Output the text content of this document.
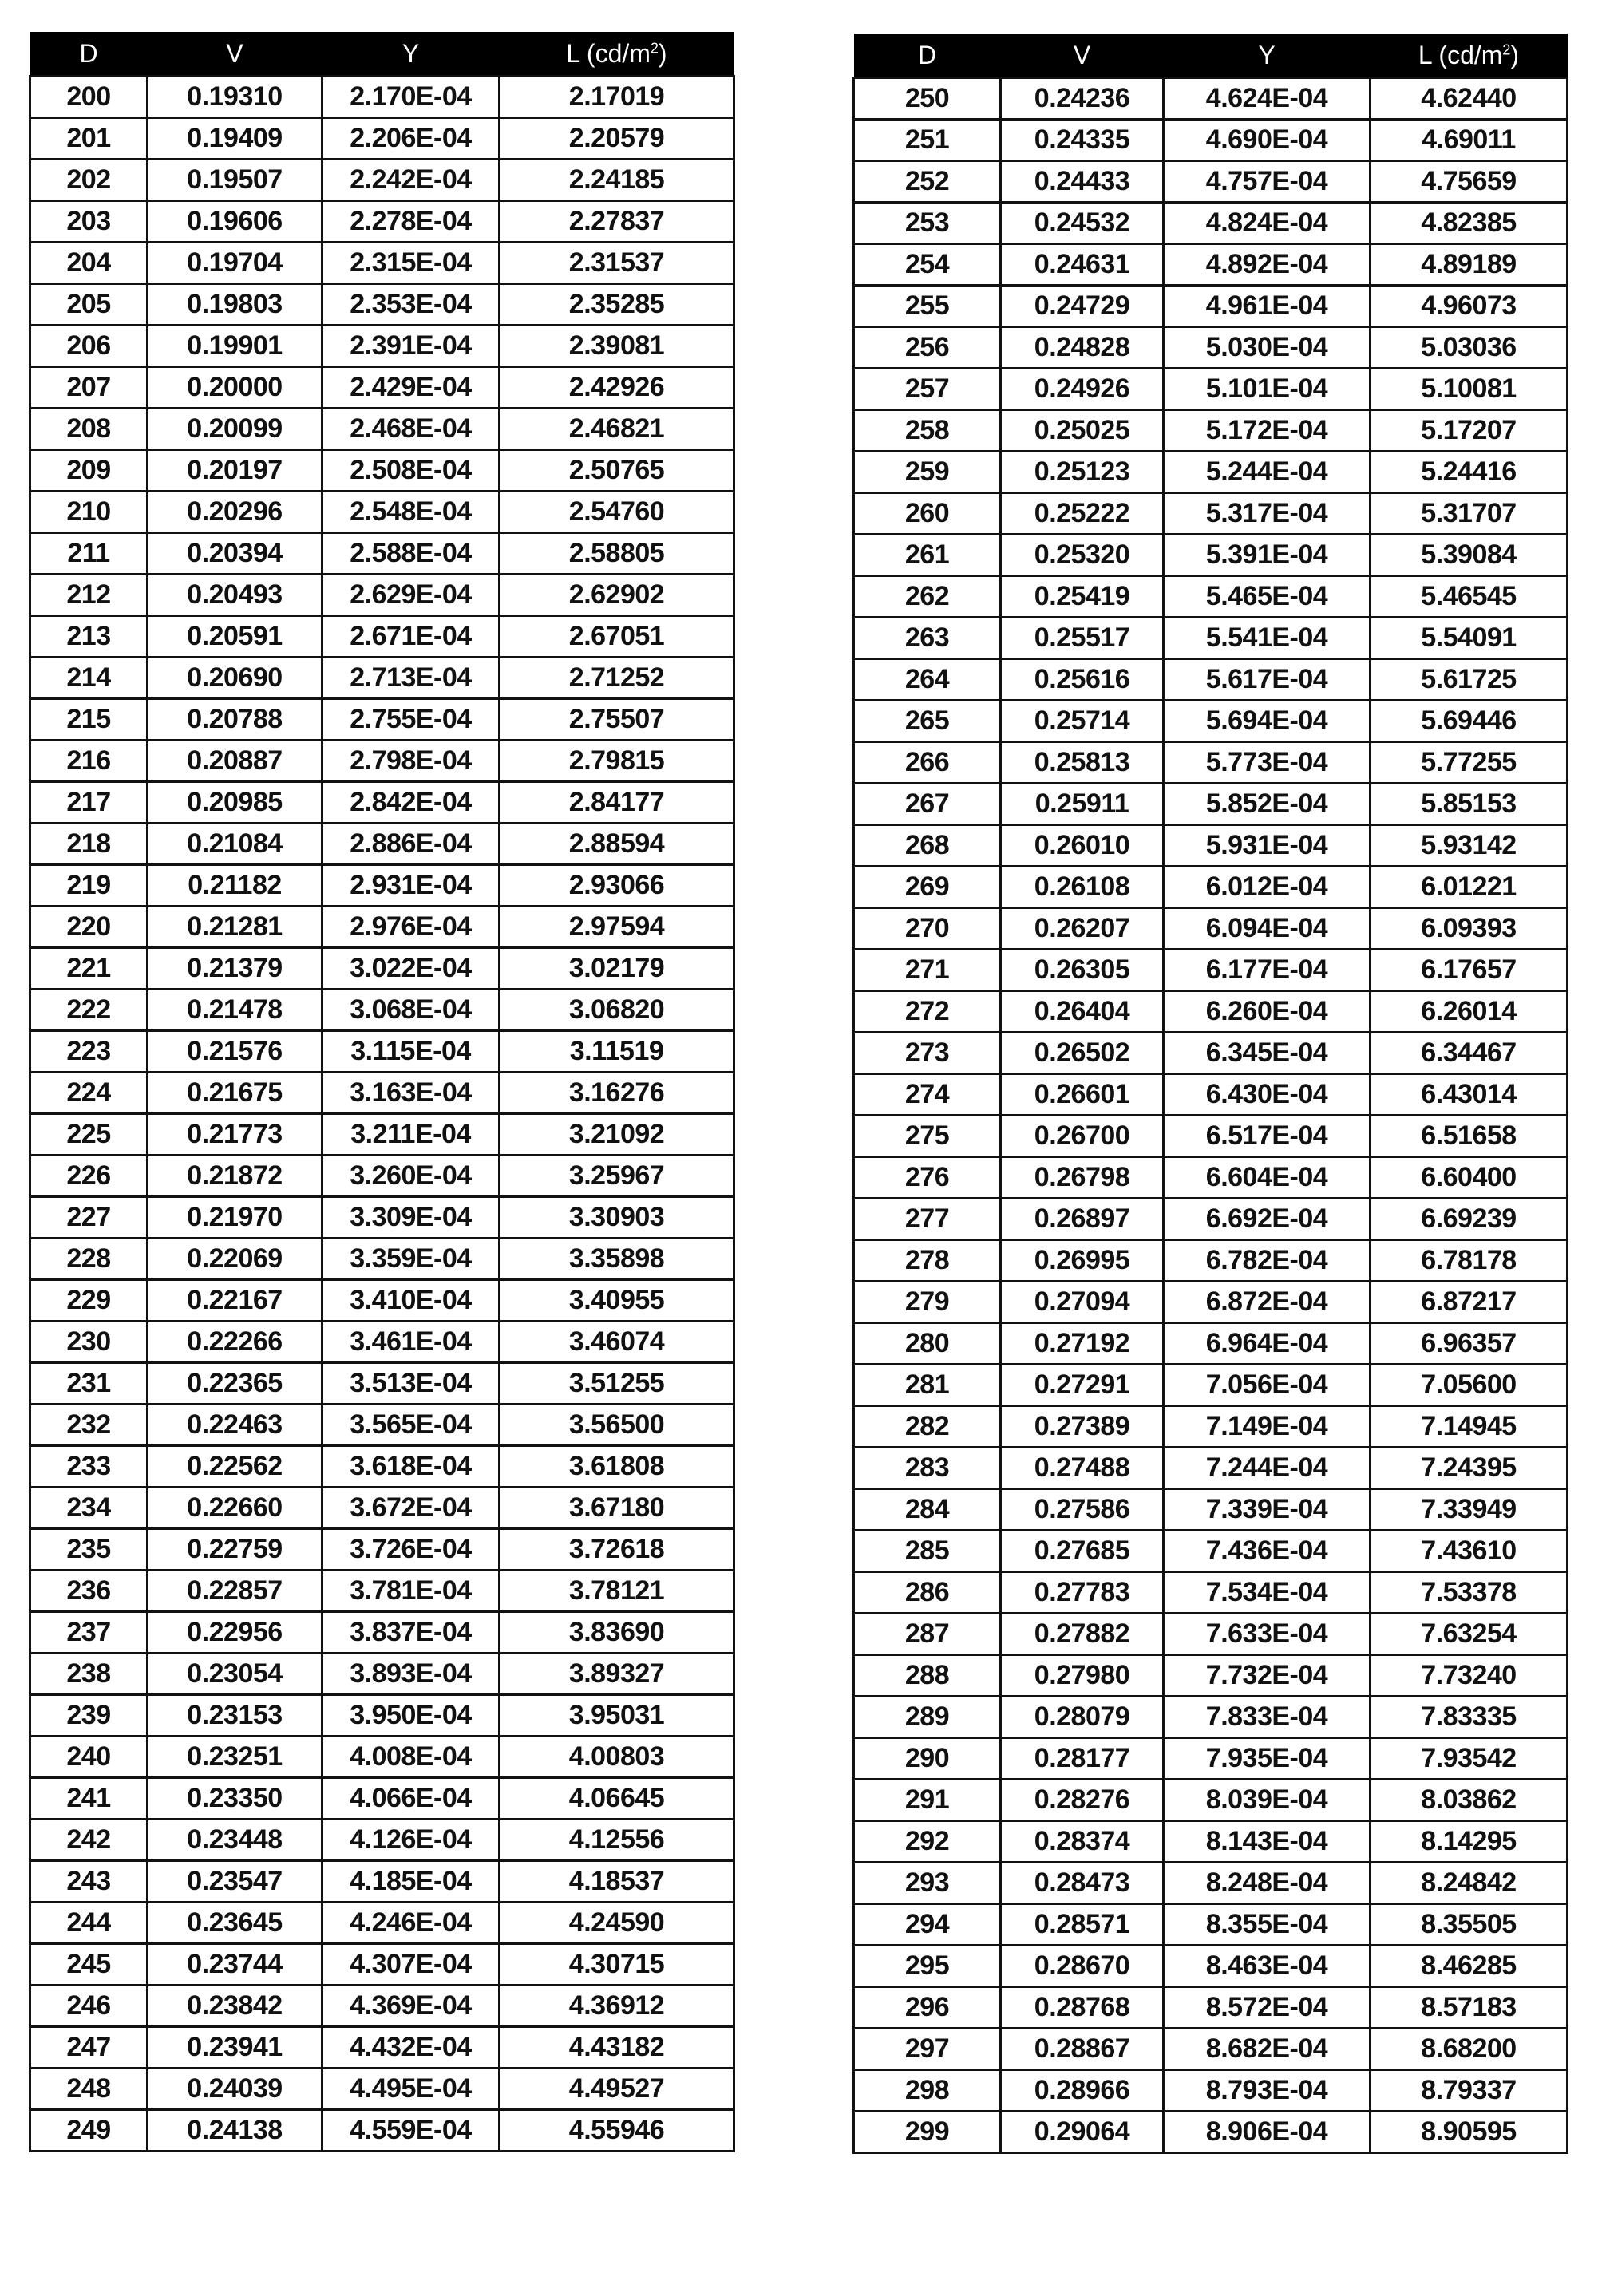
D	V	Y	L (cd/m2)
200	0.19310	2.170E-04	2.17019
201	0.19409	2.206E-04	2.20579
202	0.19507	2.242E-04	2.24185
203	0.19606	2.278E-04	2.27837
204	0.19704	2.315E-04	2.31537
205	0.19803	2.353E-04	2.35285
206	0.19901	2.391E-04	2.39081
207	0.20000	2.429E-04	2.42926
208	0.20099	2.468E-04	2.46821
209	0.20197	2.508E-04	2.50765
210	0.20296	2.548E-04	2.54760
211	0.20394	2.588E-04	2.58805
212	0.20493	2.629E-04	2.62902
213	0.20591	2.671E-04	2.67051
214	0.20690	2.713E-04	2.71252
215	0.20788	2.755E-04	2.75507
216	0.20887	2.798E-04	2.79815
217	0.20985	2.842E-04	2.84177
218	0.21084	2.886E-04	2.88594
219	0.21182	2.931E-04	2.93066
220	0.21281	2.976E-04	2.97594
221	0.21379	3.022E-04	3.02179
222	0.21478	3.068E-04	3.06820
223	0.21576	3.115E-04	3.11519
224	0.21675	3.163E-04	3.16276
225	0.21773	3.211E-04	3.21092
226	0.21872	3.260E-04	3.25967
227	0.21970	3.309E-04	3.30903
228	0.22069	3.359E-04	3.35898
229	0.22167	3.410E-04	3.40955
230	0.22266	3.461E-04	3.46074
231	0.22365	3.513E-04	3.51255
232	0.22463	3.565E-04	3.56500
233	0.22562	3.618E-04	3.61808
234	0.22660	3.672E-04	3.67180
235	0.22759	3.726E-04	3.72618
236	0.22857	3.781E-04	3.78121
237	0.22956	3.837E-04	3.83690
238	0.23054	3.893E-04	3.89327
239	0.23153	3.950E-04	3.95031
240	0.23251	4.008E-04	4.00803
241	0.23350	4.066E-04	4.06645
242	0.23448	4.126E-04	4.12556
243	0.23547	4.185E-04	4.18537
244	0.23645	4.246E-04	4.24590
245	0.23744	4.307E-04	4.30715
246	0.23842	4.369E-04	4.36912
247	0.23941	4.432E-04	4.43182
248	0.24039	4.495E-04	4.49527
249	0.24138	4.559E-04	4.55946
D	V	Y	L (cd/m2)
250	0.24236	4.624E-04	4.62440
251	0.24335	4.690E-04	4.69011
252	0.24433	4.757E-04	4.75659
253	0.24532	4.824E-04	4.82385
254	0.24631	4.892E-04	4.89189
255	0.24729	4.961E-04	4.96073
256	0.24828	5.030E-04	5.03036
257	0.24926	5.101E-04	5.10081
258	0.25025	5.172E-04	5.17207
259	0.25123	5.244E-04	5.24416
260	0.25222	5.317E-04	5.31707
261	0.25320	5.391E-04	5.39084
262	0.25419	5.465E-04	5.46545
263	0.25517	5.541E-04	5.54091
264	0.25616	5.617E-04	5.61725
265	0.25714	5.694E-04	5.69446
266	0.25813	5.773E-04	5.77255
267	0.25911	5.852E-04	5.85153
268	0.26010	5.931E-04	5.93142
269	0.26108	6.012E-04	6.01221
270	0.26207	6.094E-04	6.09393
271	0.26305	6.177E-04	6.17657
272	0.26404	6.260E-04	6.26014
273	0.26502	6.345E-04	6.34467
274	0.26601	6.430E-04	6.43014
275	0.26700	6.517E-04	6.51658
276	0.26798	6.604E-04	6.60400
277	0.26897	6.692E-04	6.69239
278	0.26995	6.782E-04	6.78178
279	0.27094	6.872E-04	6.87217
280	0.27192	6.964E-04	6.96357
281	0.27291	7.056E-04	7.05600
282	0.27389	7.149E-04	7.14945
283	0.27488	7.244E-04	7.24395
284	0.27586	7.339E-04	7.33949
285	0.27685	7.436E-04	7.43610
286	0.27783	7.534E-04	7.53378
287	0.27882	7.633E-04	7.63254
288	0.27980	7.732E-04	7.73240
289	0.28079	7.833E-04	7.83335
290	0.28177	7.935E-04	7.93542
291	0.28276	8.039E-04	8.03862
292	0.28374	8.143E-04	8.14295
293	0.28473	8.248E-04	8.24842
294	0.28571	8.355E-04	8.35505
295	0.28670	8.463E-04	8.46285
296	0.28768	8.572E-04	8.57183
297	0.28867	8.682E-04	8.68200
298	0.28966	8.793E-04	8.79337
299	0.29064	8.906E-04	8.90595
